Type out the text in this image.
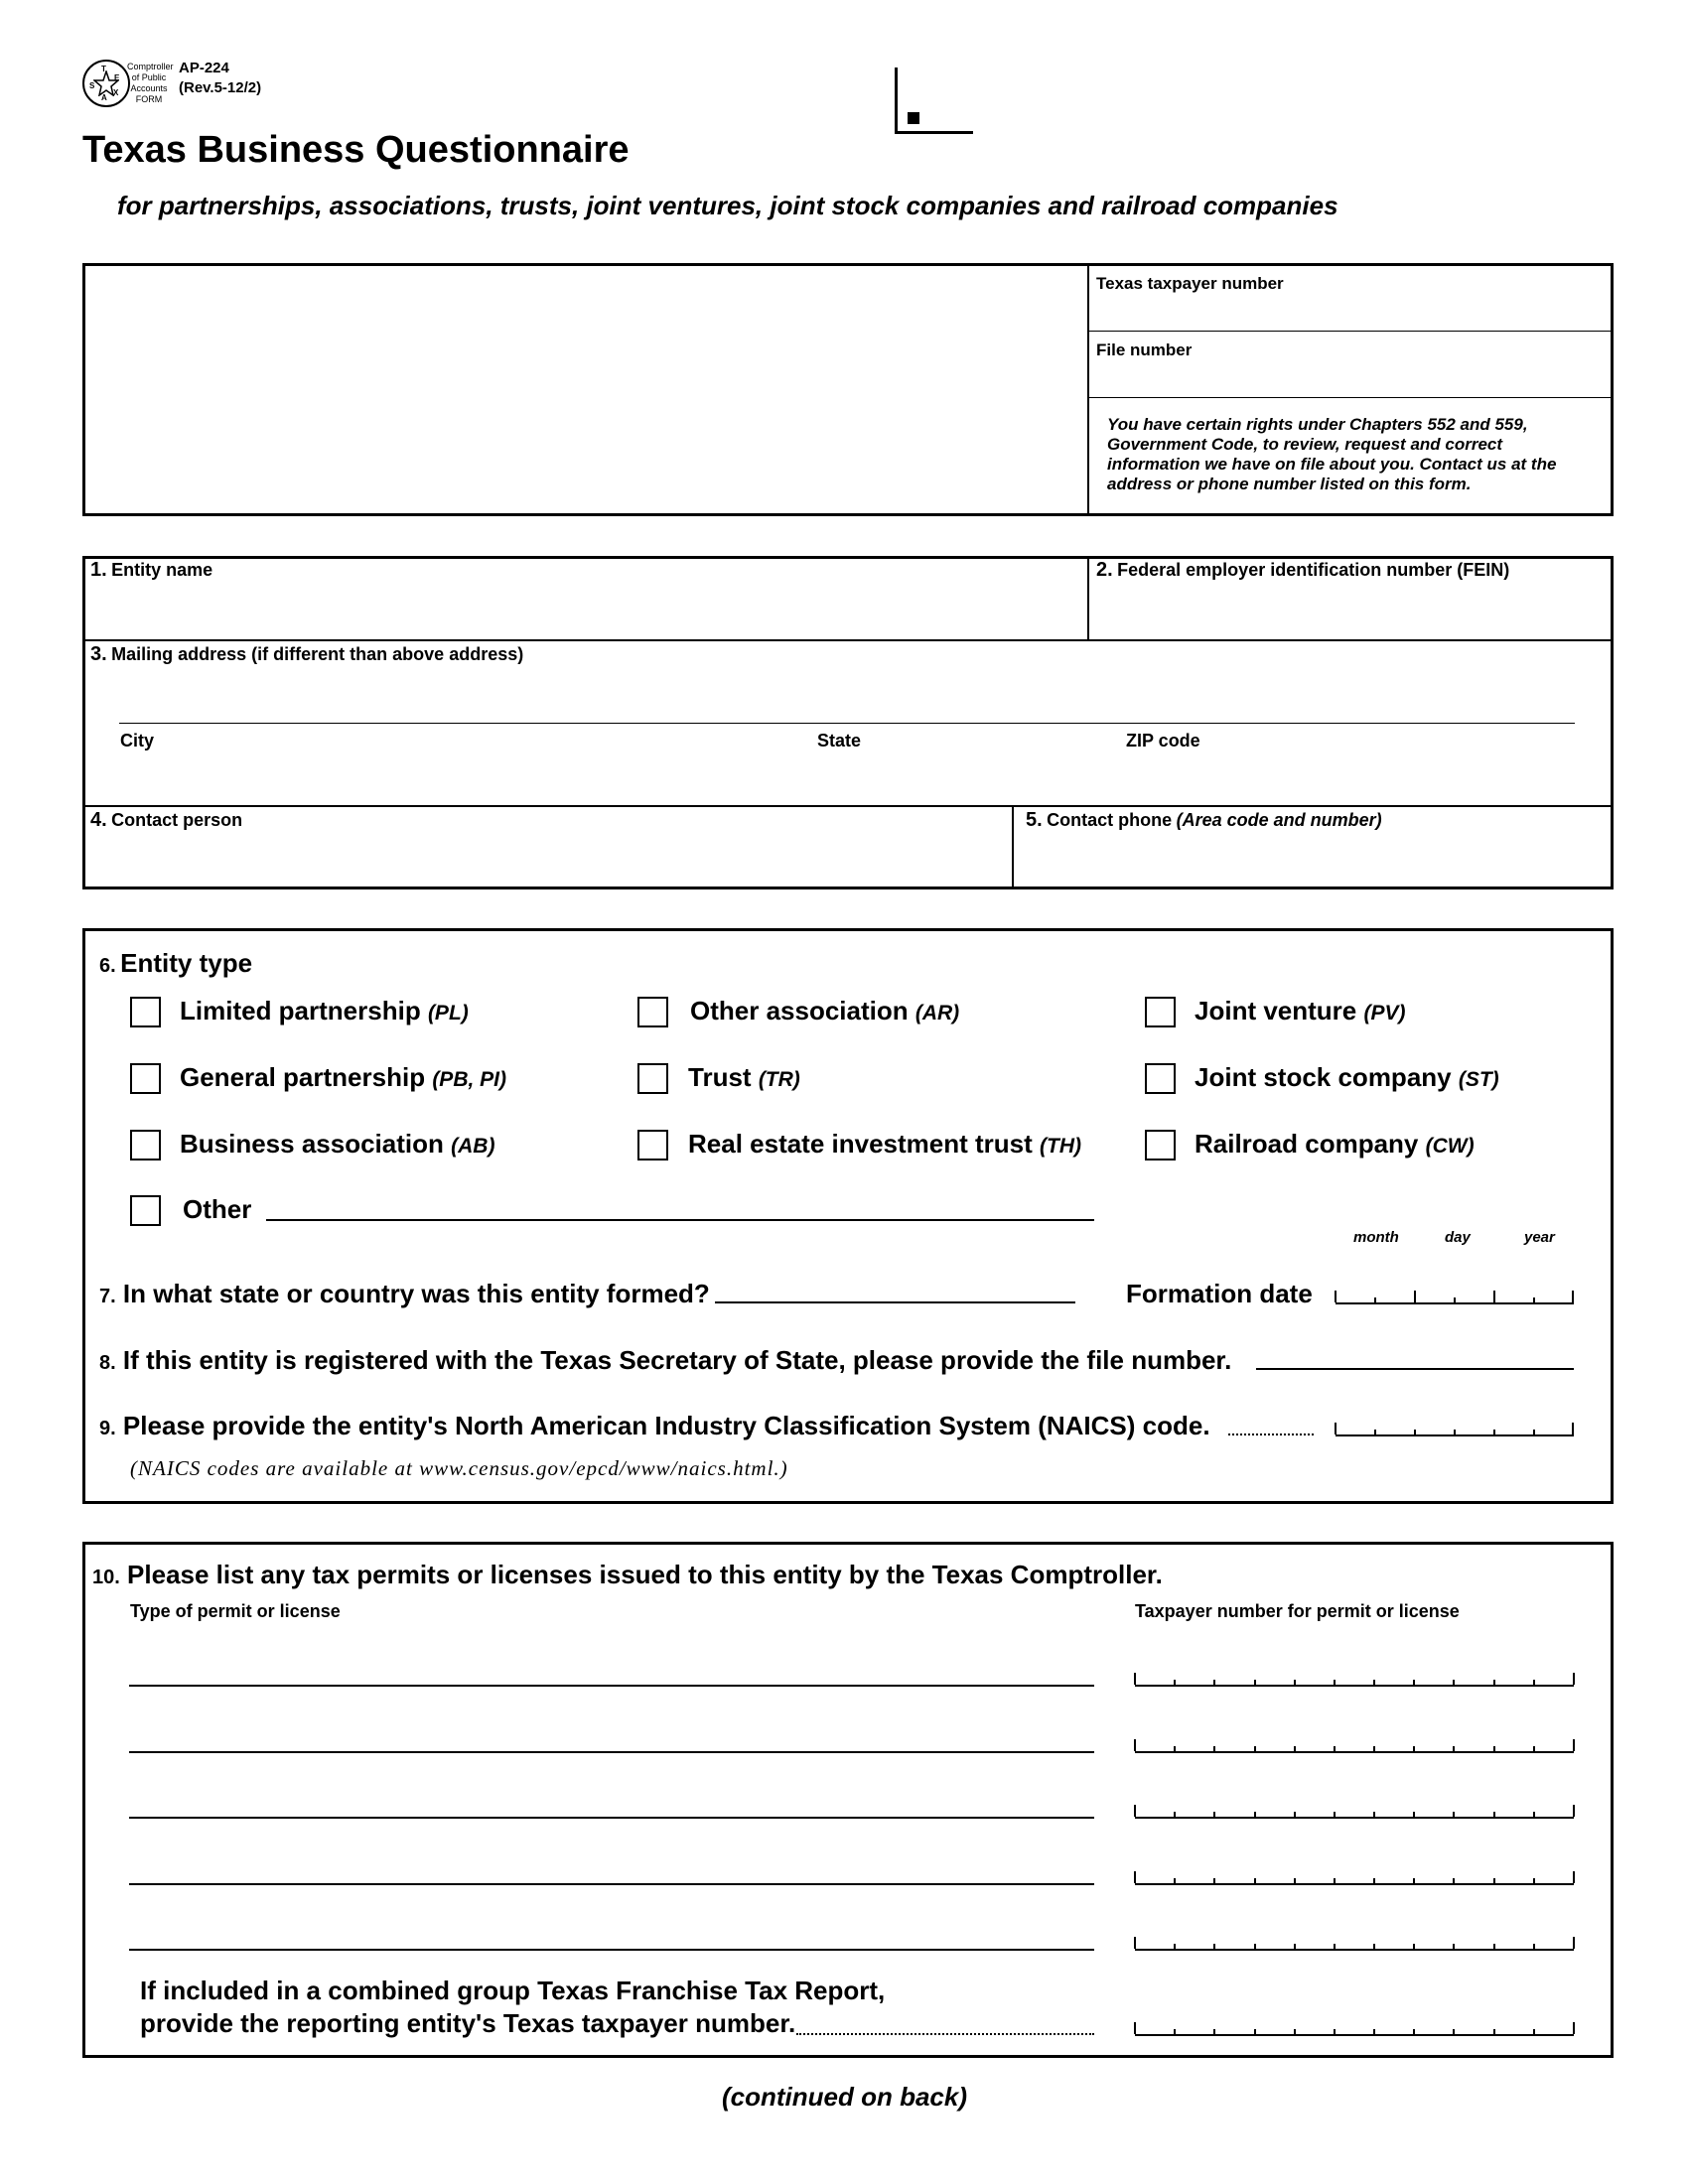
T
E
X
A
S
Comptroller
of Public
Accounts
FORM
AP-224
(Rev.5-12/2)
Texas Business Questionnaire
for partnerships, associations, trusts, joint ventures, joint stock companies and railroad companies
Texas taxpayer number
File number
You have certain rights under Chapters 552 and 559, Government Code, to review, request and correct information we have on file about you. Contact us at the address or phone number listed on this form.
1. Entity name	2. Federal employer identification number (FEIN)
3. Mailing address (if different than above address)
City	State	ZIP code
4. Contact person	5. Contact phone (Area code and number)
6. Entity type
Limited partnership (PL)	Other association (AR)	Joint venture (PV)
General partnership (PB, PI)	Trust (TR)	Joint stock company (ST)
Business association (AB)	Real estate investment trust (TH)	Railroad company (CW)
Other
month	day	year
7. In what state or country was this entity formed?	Formation date
8. If this entity is registered with the Texas Secretary of State, please provide the file number.
9. Please provide the entity's North American Industry Classification System (NAICS) code.
(NAICS codes are available at www.census.gov/epcd/www/naics.html.)
10. Please list any tax permits or licenses issued to this entity by the Texas Comptroller.
Type of permit or license	Taxpayer number for permit or license
If included in a combined group Texas Franchise Tax Report,
provide the reporting entity's Texas taxpayer number.
(continued on back)
